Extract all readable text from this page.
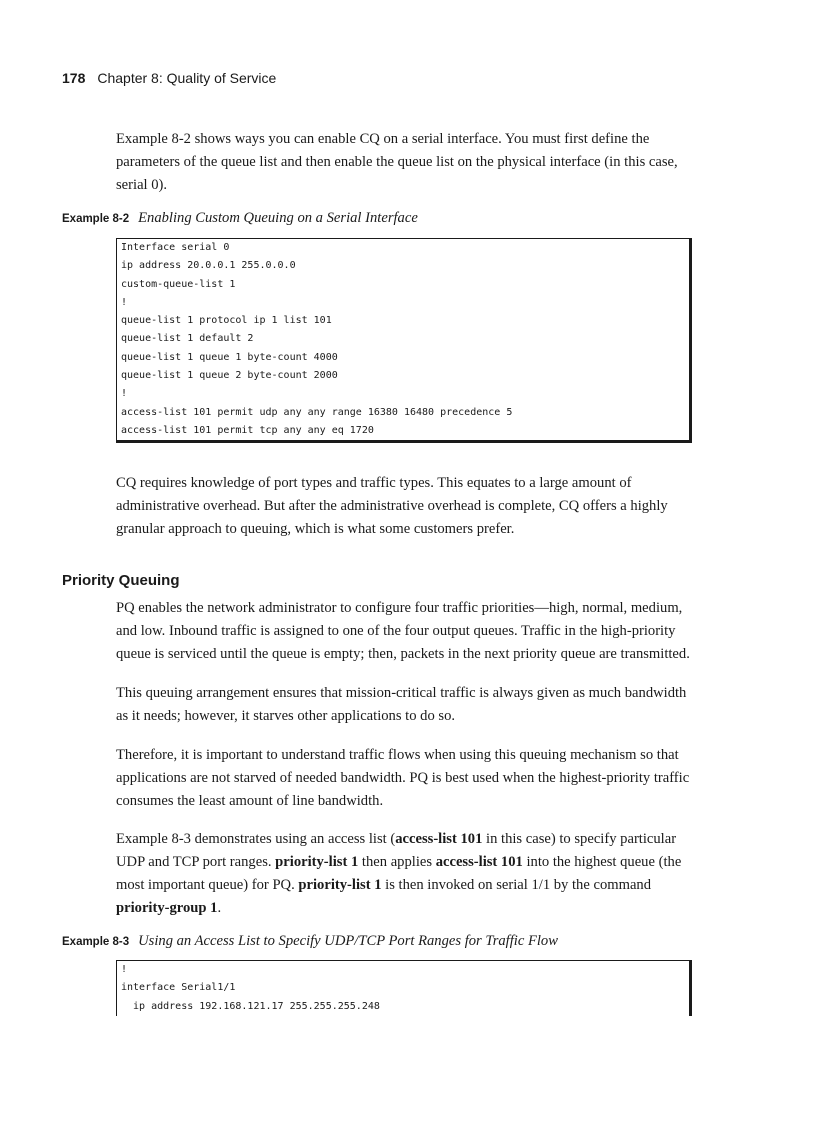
178 Chapter 8: Quality of Service

Example 8-2 shows ways you can enable CQ on a serial interface. You must first define the parameters of the queue list and then enable the queue list on the physical interface (in this case, serial 0).

Example 8-2 Enabling Custom Queuing on a Serial Interface
Interface serial 0
ip address 20.0.0.1 255.0.0.0
custom-queue-list 1
!
queue-list 1 protocol ip 1 list 101
queue-list 1 default 2
queue-list 1 queue 1 byte-count 4000
queue-list 1 queue 2 byte-count 2000
!
access-list 101 permit udp any any range 16380 16480 precedence 5
access-list 101 permit tcp any any eq 1720

CQ requires knowledge of port types and traffic types. This equates to a large amount of administrative overhead. But after the administrative overhead is complete, CQ offers a highly granular approach to queuing, which is what some customers prefer.

Priority Queuing

PQ enables the network administrator to configure four traffic priorities—high, normal, medium, and low. Inbound traffic is assigned to one of the four output queues. Traffic in the high-priority queue is serviced until the queue is empty; then, packets in the next priority queue are transmitted.

This queuing arrangement ensures that mission-critical traffic is always given as much bandwidth as it needs; however, it starves other applications to do so.

Therefore, it is important to understand traffic flows when using this queuing mechanism so that applications are not starved of needed bandwidth. PQ is best used when the highest-priority traffic consumes the least amount of line bandwidth.

Example 8-3 demonstrates using an access list (access-list 101 in this case) to specify particular UDP and TCP port ranges. priority-list 1 then applies access-list 101 into the highest queue (the most important queue) for PQ. priority-list 1 is then invoked on serial 1/1 by the command priority-group 1.

Example 8-3 Using an Access List to Specify UDP/TCP Port Ranges for Traffic Flow
!
interface Serial1/1
ip address 192.168.121.17 255.255.255.248
